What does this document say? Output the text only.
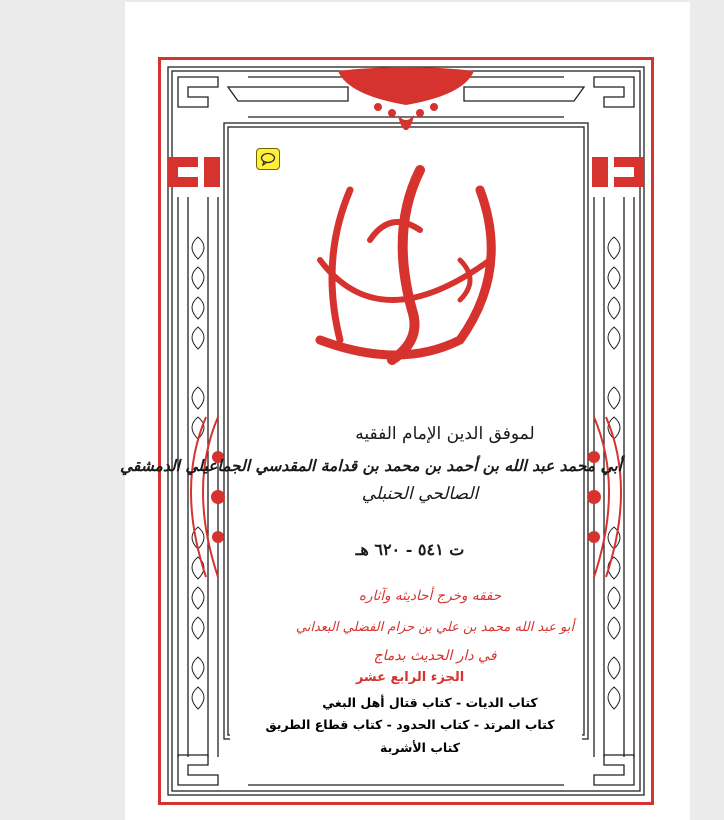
لموفق الدين الإمام الفقيه
أبي محمد عبد الله بن أحمد بن محمد بن قدامة المقدسي الجماعيلي الدمشقي
الصالحي الحنبلي
ت ٥٤١ - ٦٢٠ هـ
حققه وخرج أحاديثه وآثاره
أبو عبد الله محمد بن علي بن حزام الفضلي البعداني
في دار الحديث بدماج
الجزء الرابع عشر
كتاب الديات - كتاب قتال أهل البغي
كتاب المرتد - كتاب الحدود - كتاب قطاع الطريق
كتاب الأشربة
